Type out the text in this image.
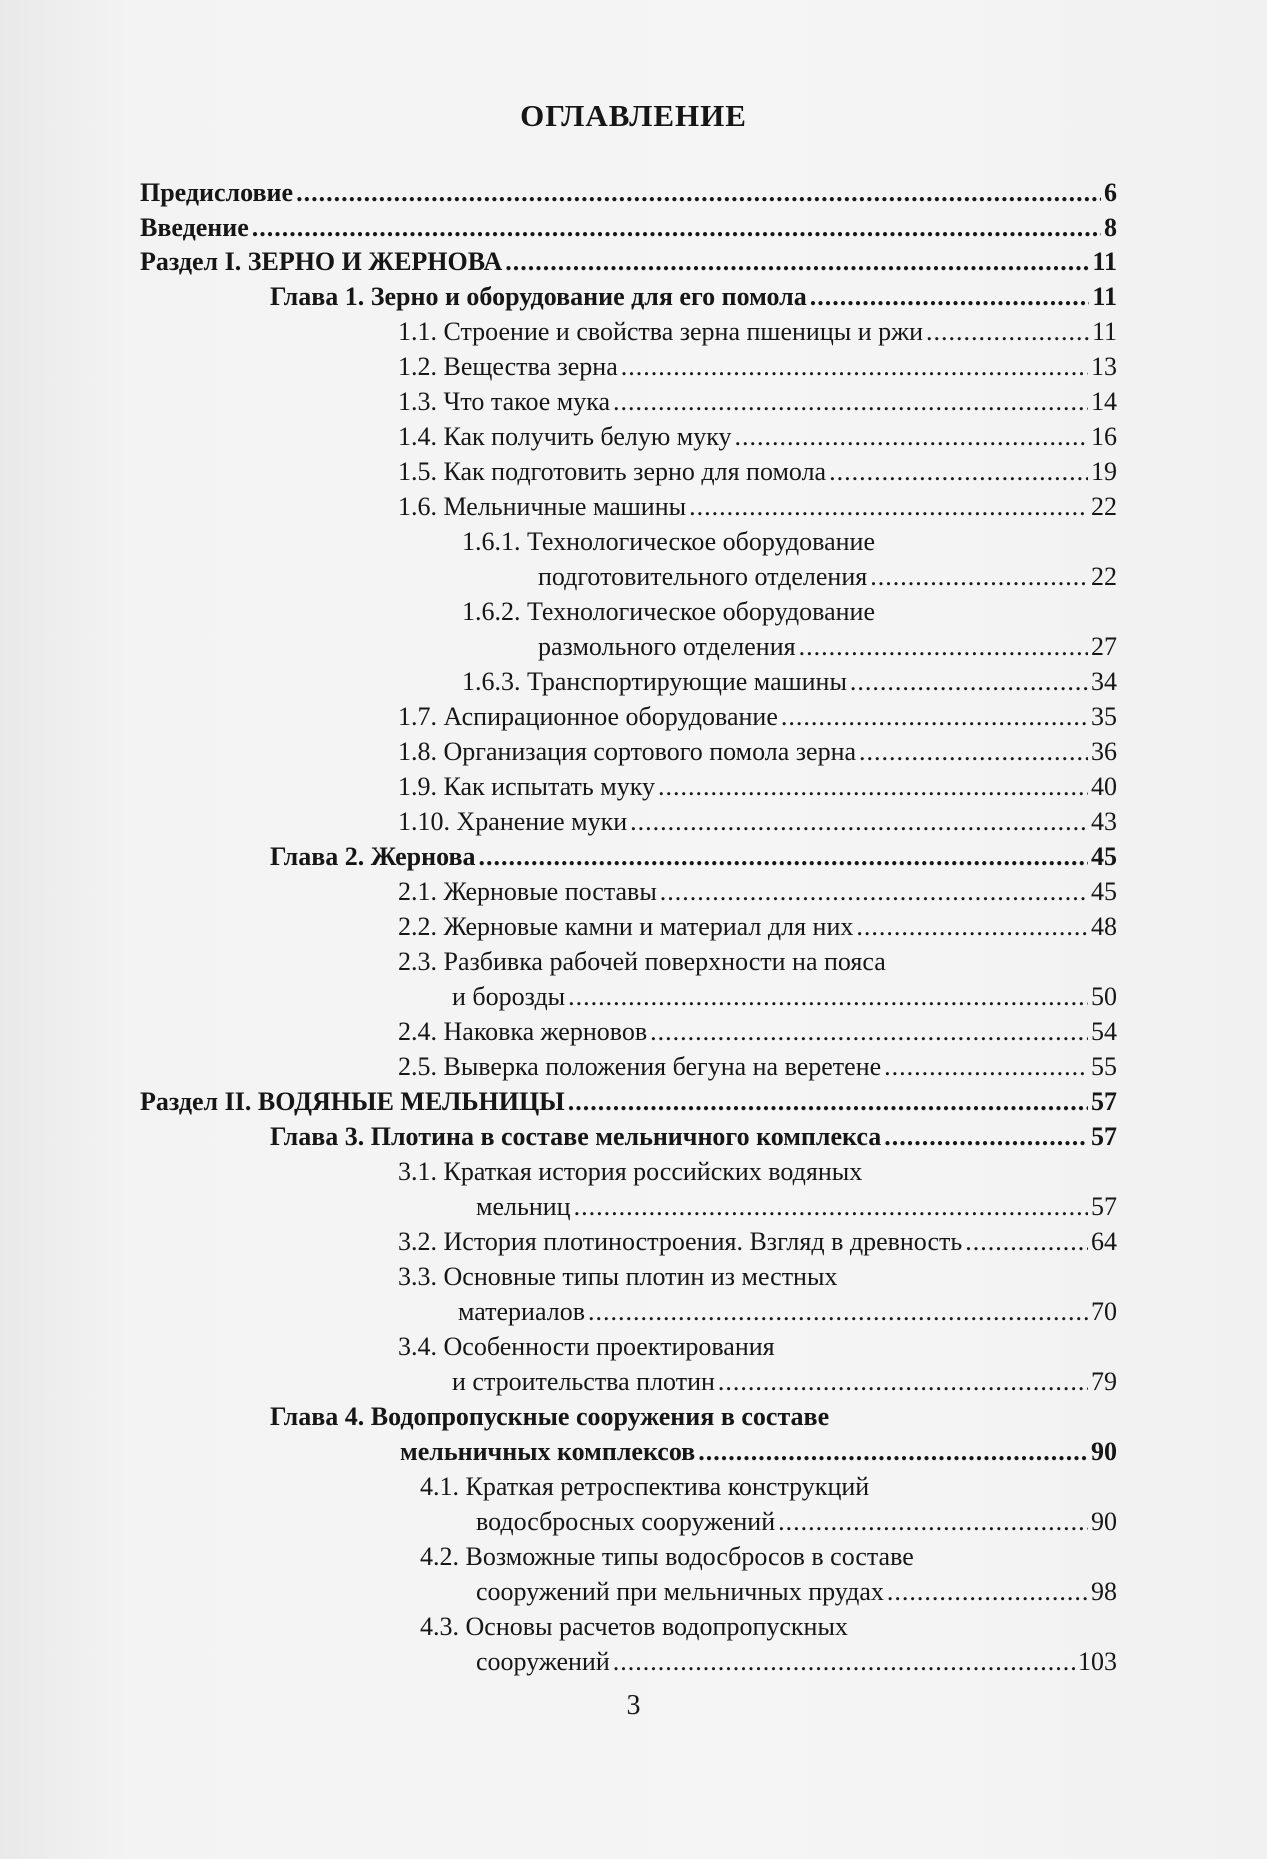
ОГЛАВЛЕНИЕ
Предисловие .....	6
Введение .....	8
Раздел I. ЗЕРНО И ЖЕРНОВА .....	11
Глава 1. Зерно и оборудование для его помола .....	11
1.1. Строение и свойства зерна пшеницы и ржи .....	11
1.2. Вещества зерна .....	13
1.3. Что такое мука .....	14
1.4. Как получить белую муку .....	16
1.5. Как подготовить зерно для помола .....	19
1.6. Мельничные машины .....	22
1.6.1. Технологическое оборудование
подготовительного отделения .....	22
1.6.2. Технологическое оборудование
размольного отделения .....	27
1.6.3. Транспортирующие машины .....	34
1.7. Аспирационное оборудование .....	35
1.8. Организация сортового помола зерна .....	36
1.9. Как испытать муку .....	40
1.10. Хранение муки .....	43
Глава 2. Жернова .....	45
2.1. Жерновые поставы .....	45
2.2. Жерновые камни и материал для них .....	48
2.3. Разбивка рабочей поверхности на пояса
и борозды .....	50
2.4. Наковка жерновов .....	54
2.5. Выверка положения бегуна на веретене .....	55
Раздел II. ВОДЯНЫЕ МЕЛЬНИЦЫ .....	57
Глава 3. Плотина в составе мельничного комплекса .....	57
3.1. Краткая история российских водяных
мельниц .....	57
3.2. История плотиностроения. Взгляд в древность .....	64
3.3. Основные типы плотин из местных
материалов .....	70
3.4. Особенности проектирования
и строительства плотин .....	79
Глава 4. Водопропускные сооружения в составе
мельничных комплексов .....	90
4.1. Краткая ретроспектива конструкций
водосбросных сооружений .....	90
4.2. Возможные типы водосбросов в составе
сооружений при мельничных прудах .....	98
4.3. Основы расчетов водопропускных
сооружений .....	103
3
